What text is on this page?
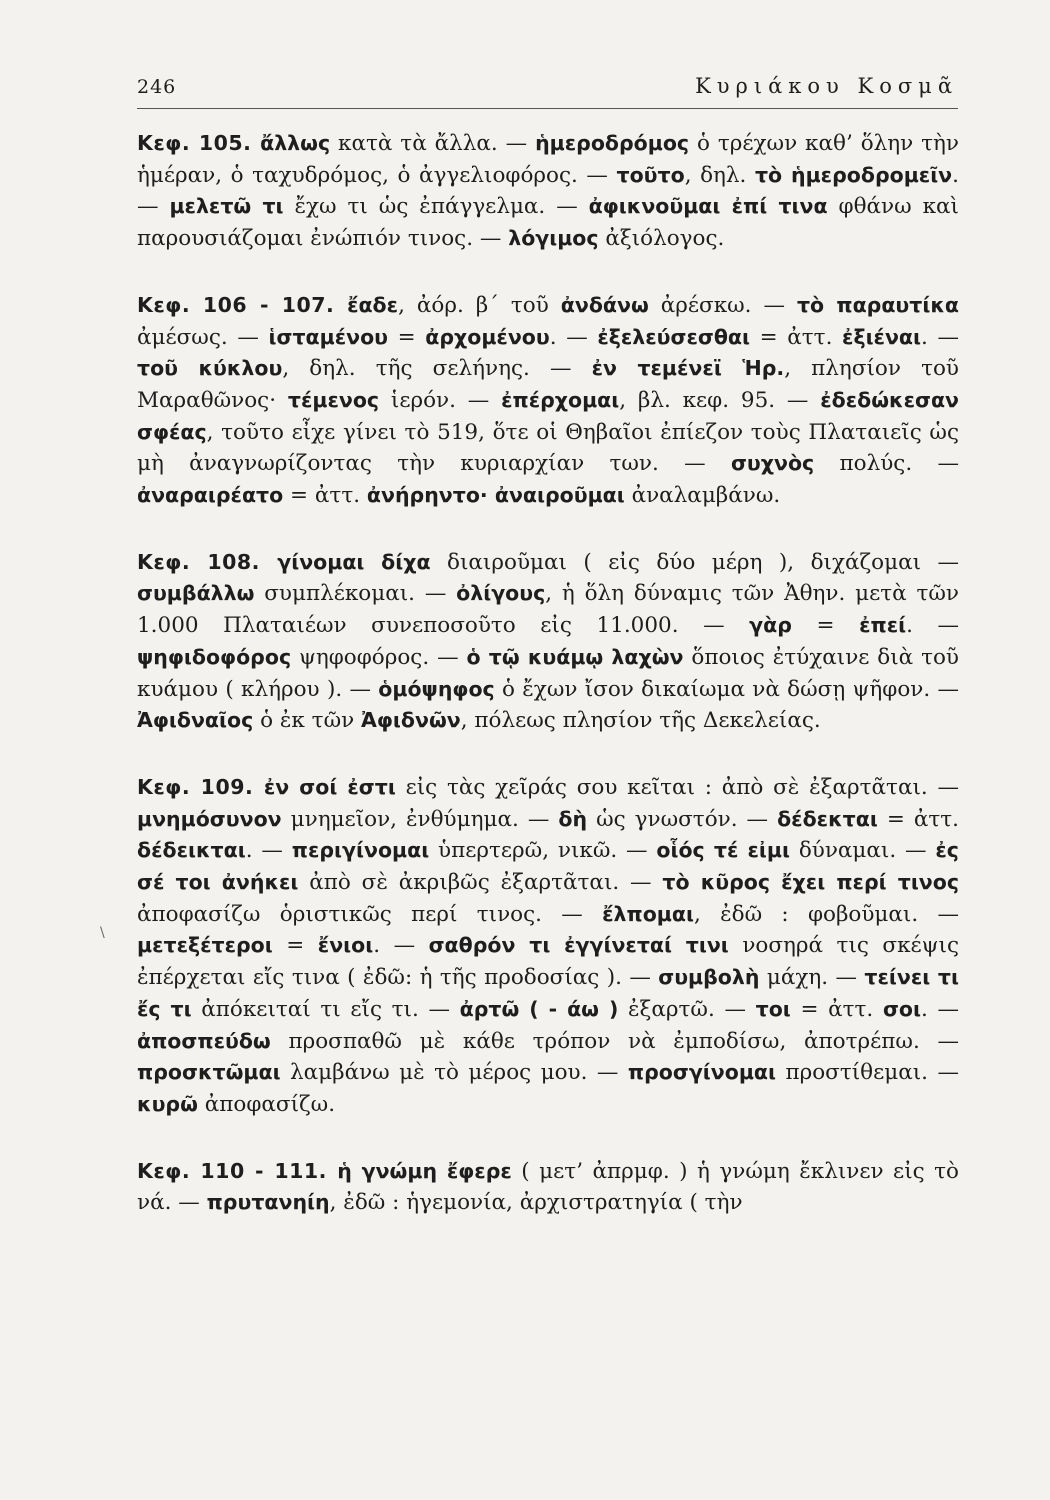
246	Κυριάκου Κοσμᾶ
\

Κεφ. 105. ἄλλως κατὰ τὰ ἄλλα. — ἡμεροδρόμος ὁ τρέχων καθ’ ὅλην τὴν ἡμέραν, ὁ ταχυδρόμος, ὁ ἀγγελιοφόρος. — τοῦτο, δηλ. τὸ ἡμεροδρομεῖν. — μελετῶ τι ἔχω τι ὡς ἐπάγγελμα. — ἀφικνοῦμαι ἐπί τινα φθάνω καὶ παρουσιάζομαι ἐνώπιόν τινος. — λόγιμος ἀξιόλογος.

Κεφ. 106 - 107. ἔαδε, ἀόρ. β΄ τοῦ ἀνδάνω ἀρέσκω. — τὸ παραυτίκα ἀμέσως. — ἱσταμένου = ἀρχομένου. — ἐξελεύσεσθαι = ἀττ. ἐξιέναι. — τοῦ κύκλου, δηλ. τῆς σελήνης. — ἐν τεμένεϊ Ἡρ., πλησίον τοῦ Μαραθῶνος· τέμενος ἱερόν. — ἐπέρχομαι, βλ. κεφ. 95. — ἐδεδώκεσαν σφέας, τοῦτο εἶχε γίνει τὸ 519, ὅτε οἱ Θηβαῖοι ἐπίεζον τοὺς Πλαταιεῖς ὡς μὴ ἀναγνωρίζοντας τὴν κυριαρχίαν των. — συχνὸς πολύς. — ἀναραιρέατο = ἀττ. ἀνήρηντο· ἀναιροῦμαι ἀναλαμβάνω.

Κεφ. 108. γίνομαι δίχα διαιροῦμαι ( εἰς δύο μέρη ), διχάζομαι — συμβάλλω συμπλέκομαι. — ὀλίγους, ἡ ὅλη δύναμις τῶν Ἀθην. μετὰ τῶν 1.000 Πλαταιέων συνεποσοῦτο εἰς 11.000. — γὰρ = ἐπεί. — ψηφιδοφόρος ψηφοφόρος. — ὁ τῷ κυάμῳ λαχὼν ὅποιος ἐτύχαινε διὰ τοῦ κυάμου ( κλήρου ). — ὁμόψηφος ὁ ἔχων ἴσον δικαίωμα νὰ δώσῃ ψῆφον. — Ἀφιδναῖος ὁ ἐκ τῶν Ἀφιδνῶν, πόλεως πλησίον τῆς Δεκελείας.

Κεφ. 109. ἐν σοί ἐστι εἰς τὰς χεῖράς σου κεῖται : ἀπὸ σὲ ἐξαρτᾶται. — μνημόσυνον μνημεῖον, ἐνθύμημα. — δὴ ὡς γνωστόν. — δέδεκται = ἀττ. δέδεικται. — περιγίνομαι ὑπερτερῶ, νικῶ. — οἷός τέ εἰμι δύναμαι. — ἐς σέ τοι ἀνήκει ἀπὸ σὲ ἀκριβῶς ἐξαρτᾶται. — τὸ κῦρος ἔχει περί τινος ἀποφασίζω ὁριστικῶς περί τινος. — ἔλπομαι, ἐδῶ : φοβοῦμαι. — μετεξέτεροι = ἔνιοι. — σαθρόν τι ἐγγίνεταί τινι νοσηρά τις σκέψις ἐπέρχεται εἴς τινα ( ἐδῶ: ἡ τῆς προδοσίας ). — συμβολὴ μάχη. — τείνει τι ἔς τι ἀπόκειταί τι εἴς τι. — ἀρτῶ ( - άω ) ἐξαρτῶ. — τοι = ἀττ. σοι. — ἀποσπεύδω προσπαθῶ μὲ κάθε τρόπον νὰ ἐμποδίσω, ἀποτρέπω. — προσκτῶμαι λαμβάνω μὲ τὸ μέρος μου. — προσγίνομαι προστίθεμαι. — κυρῶ ἀποφασίζω.

Κεφ. 110 - 111. ἡ γνώμη ἔφερε ( μετ’ ἀπρμφ. ) ἡ γνώμη ἔκλινεν εἰς τὸ νά. — πρυτανηίη, ἐδῶ : ἡγεμονία, ἀρχιστρατηγία ( τὴν
